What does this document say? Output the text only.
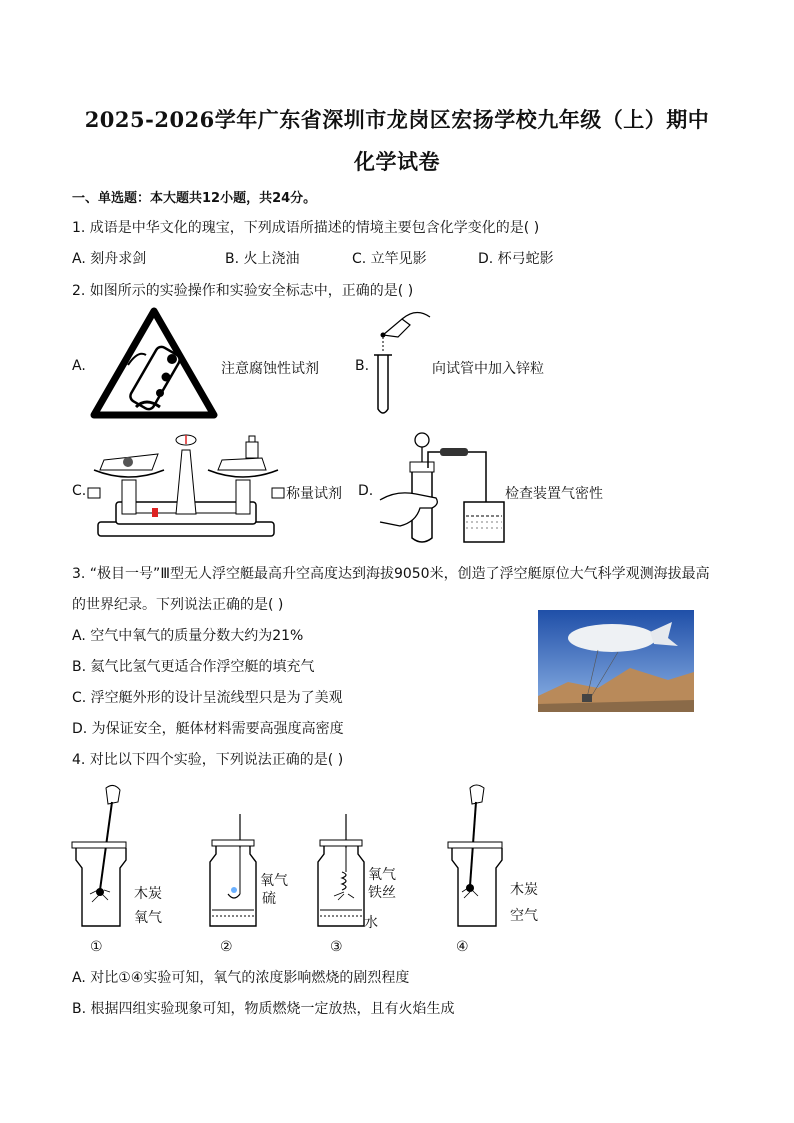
2025-2026学年广东省深圳市龙岗区宏扬学校九年级（上）期中
化学试卷
一、单选题：本大题共12小题，共24分。
1. 成语是中华文化的瑰宝，下列成语所描述的情境主要包含化学变化的是( )
A. 刻舟求剑	B. 火上浇油	C. 立竿见影	D. 杯弓蛇影
2. 如图所示的实验操作和实验安全标志中，正确的是( )
A.	注意腐蚀性试剂	B.	向试管中加入锌粒
C.	称量试剂 D.	检查装置气密性
3. “极目一号”Ⅲ型无人浮空艇最高升空高度达到海拔9050米，创造了浮空艇原位大气科学观测海拔最高
的世界纪录。下列说法正确的是( )
A. 空气中氧气的质量分数大约为21%
B. 氦气比氢气更适合作浮空艇的填充气
C. 浮空艇外形的设计呈流线型只是为了美观
D. 为保证安全，艇体材料需要高强度高密度
4. 对比以下四个实验，下列说法正确的是( )
木炭
氧气
①
氧气
硫
②
氧气
铁丝
水
③
木炭
空气
④
A. 对比①④实验可知，氧气的浓度影响燃烧的剧烈程度
B. 根据四组实验现象可知，物质燃烧一定放热，且有火焰生成
